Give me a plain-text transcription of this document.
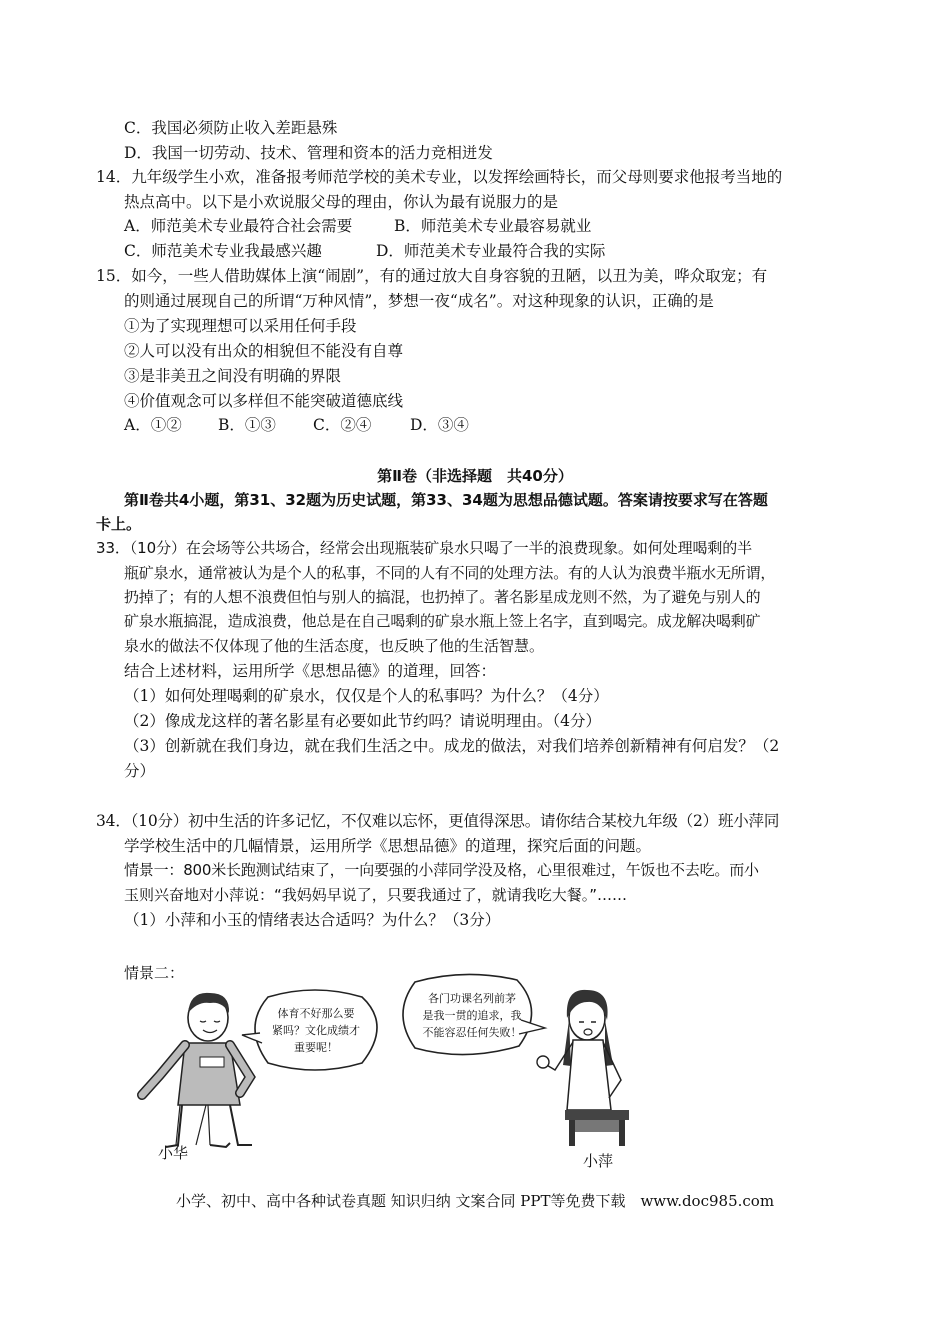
C．我国必须防止收入差距悬殊
D．我国一切劳动、技术、管理和资本的活力竞相迸发
14．九年级学生小欢，准备报考师范学校的美术专业，以发挥绘画特长，而父母则要求他报考当地的
热点高中。以下是小欢说服父母的理由，你认为最有说服力的是
A．师范美术专业最符合社会需要	B．师范美术专业最容易就业
C．师范美术专业我最感兴趣	D．师范美术专业最符合我的实际
15．如今，一些人借助媒体上演“闹剧”，有的通过放大自身容貌的丑陋，以丑为美，哗众取宠；有
的则通过展现自己的所谓“万种风情”，梦想一夜“成名”。对这种现象的认识，正确的是
①为了实现理想可以采用任何手段
②人可以没有出众的相貌但不能没有自尊
③是非美丑之间没有明确的界限
④价值观念可以多样但不能突破道德底线
A．①② B．①③ C．②④ D．③④
第Ⅱ卷（非选择题　共40分）
第Ⅱ卷共4小题，第31、32题为历史试题，第33、34题为思想品德试题。答案请按要求写在答题
卡上。
33．（10分）在会场等公共场合，经常会出现瓶装矿泉水只喝了一半的浪费现象。如何处理喝剩的半
瓶矿泉水，通常被认为是个人的私事，不同的人有不同的处理方法。有的人认为浪费半瓶水无所谓，
扔掉了；有的人想不浪费但怕与别人的搞混，也扔掉了。著名影星成龙则不然，为了避免与别人的
矿泉水瓶搞混，造成浪费，他总是在自己喝剩的矿泉水瓶上签上名字，直到喝完。成龙解决喝剩矿
泉水的做法不仅体现了他的生活态度，也反映了他的生活智慧。
结合上述材料，运用所学《思想品德》的道理，回答：
（1）如何处理喝剩的矿泉水，仅仅是个人的私事吗？为什么？（4分）
（2）像成龙这样的著名影星有必要如此节约吗？请说明理由。（4分）
（3）创新就在我们身边，就在我们生活之中。成龙的做法，对我们培养创新精神有何启发？（2
分）
34．（10分）初中生活的许多记忆，不仅难以忘怀，更值得深思。请你结合某校九年级（2）班小萍同
学学校生活中的几幅情景，运用所学《思想品德》的道理，探究后面的问题。
情景一：800米长跑测试结束了，一向要强的小萍同学没及格，心里很难过，午饭也不去吃。而小
玉则兴奋地对小萍说：“我妈妈早说了，只要我通过了，就请我吃大餐。”……
（1）小萍和小玉的情绪表达合适吗？为什么？（3分）
情景二：
体育不好那么要
紧吗？文化成绩才
重要呢！
小华
各门功课名列前茅
是我一贯的追求，我
不能容忍任何失败！
小萍
小学、初中、高中各种试卷真题 知识归纳 文案合同 PPT等免费下载　www.doc985.com
